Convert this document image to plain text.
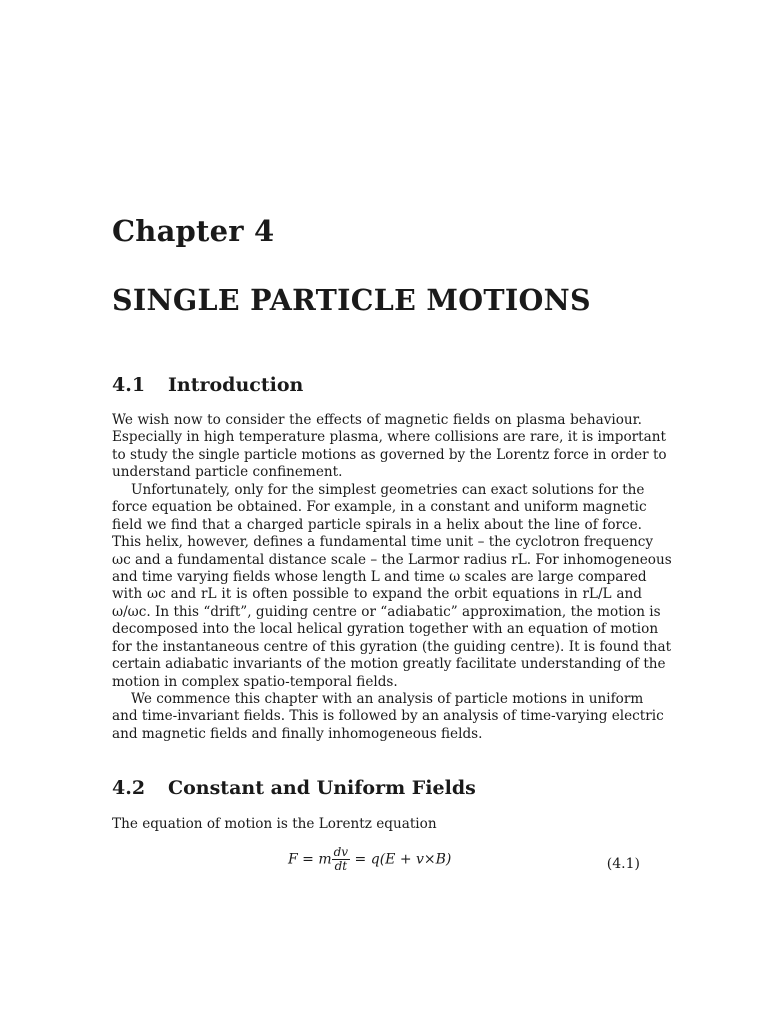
Chapter 4
SINGLE PARTICLE MOTIONS
4.1 Introduction
We wish now to consider the effects of magnetic fields on plasma behaviour.
Especially in high temperature plasma, where collisions are rare, it is important
to study the single particle motions as governed by the Lorentz force in order to
understand particle confinement.
Unfortunately, only for the simplest geometries can exact solutions for the
force equation be obtained. For example, in a constant and uniform magnetic
field we find that a charged particle spirals in a helix about the line of force.
This helix, however, defines a fundamental time unit – the cyclotron frequency
ωc and a fundamental distance scale – the Larmor radius rL. For inhomogeneous
and time varying fields whose length L and time ω scales are large compared
with ωc and rL it is often possible to expand the orbit equations in rL/L and
ω/ωc. In this “drift”, guiding centre or “adiabatic” approximation, the motion is
decomposed into the local helical gyration together with an equation of motion
for the instantaneous centre of this gyration (the guiding centre). It is found that
certain adiabatic invariants of the motion greatly facilitate understanding of the
motion in complex spatio-temporal fields.
We commence this chapter with an analysis of particle motions in uniform
and time-invariant fields. This is followed by an analysis of time-varying electric
and magnetic fields and finally inhomogeneous fields.
4.2 Constant and Uniform Fields
The equation of motion is the Lorentz equation
F = m $\frac{dv}{dt} = q(E + v\times B)$	(4.1)
